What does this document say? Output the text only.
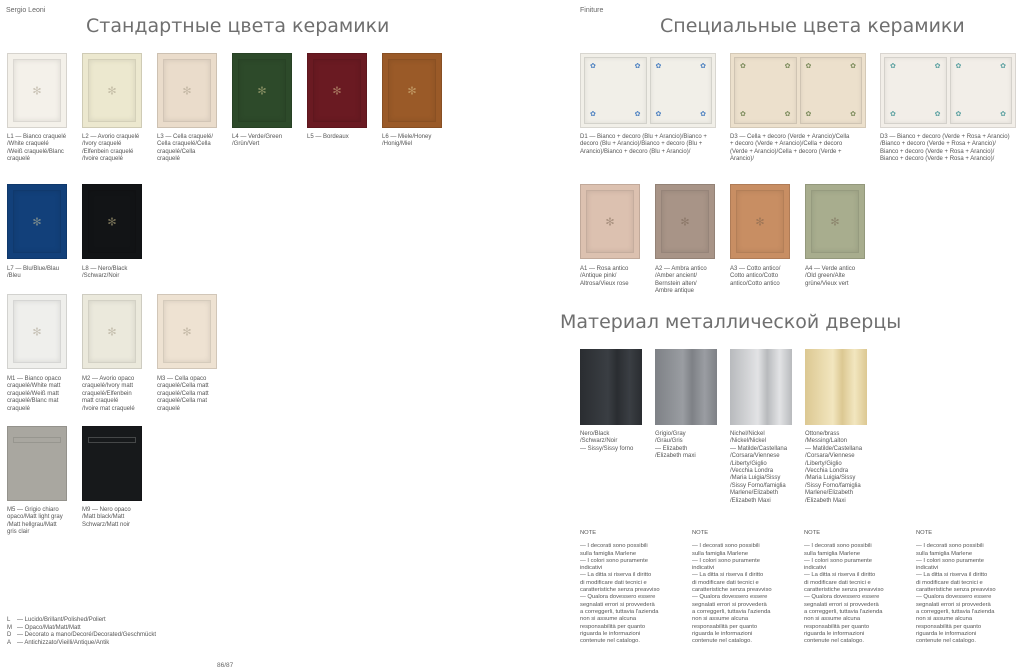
Sergio Leoni
Стандартные цвета керамики
✻	✻	✻	✻	✻	✻
L1 — Bianco craquelé
/White craquelé
/Weiß craquelé/Blanc
craquelé
L2 — Avorio craquelé
/Ivory craquelé
/Elfenbein craquelé
/Ivoire craquelé
L3 — Cella craquelé/
Cella craquelé/Cella
craquelé/Cella
craquelé
L4 — Verde/Green
/Grün/Vert
L5 — Bordeaux	L6 — Miele/Honey
/Honig/Miel
✻	✻
L7 — Blu/Blue/Blau
/Bleu
L8 — Nero/Black
/Schwarz/Noir
✻	✻	✻
M1 — Bianco opaco
craquelé/White matt
craquelé/Weiß matt
craquelé/Blanc mat
craquelé
M2 — Avorio opaco
craquelé/Ivory matt
craquelé/Elfenbein
matt craquelé
/Ivoire mat craquelé
M3 — Cella opaco
craquelé/Cella matt
craquelé/Cella matt
craquelé/Cella mat
craquelé
M5 — Grigio chiaro
opaco/Matt light gray
/Matt hellgrau/Matt
gris clair
M9 — Nero opaco
/Matt black/Matt
Schwarz/Matt noir
L — Lucido/Brillant/Polished/Poliert
M — Opaco/Mat/Matt/Matt
D — Decorato a mano/Decoré/Decorated/Geschmückt
A — Antichizzato/Vieilli/Antique/Antik
86/87
Finiture
Специальные цвета керамики
✿	✿
✿	✿
✿	✿
✿	✿
✿	✿
✿	✿
✿	✿
✿	✿
✿	✿
✿	✿
✿	✿
✿	✿
D1 — Bianco + decoro (Blu + Arancio)/Bianco +
decoro (Blu + Arancio)/Bianco + decoro (Blu +
Arancio)/Bianco + decoro (Blu + Arancio)/
D3 — Cella + decoro (Verde + Arancio)/Cella
+ decoro (Verde + Arancio)/Cella + decoro
(Verde + Arancio)/Cella + decoro (Verde +
Arancio)/
D3 — Bianco + decoro (Verde + Rosa + Arancio)
/Bianco + decoro (Verde + Rosa + Arancio)/
Bianco + decoro (Verde + Rosa + Arancio)/
Bianco + decoro (Verde + Rosa + Arancio)/
✻	✻	✻	✻
A1 — Rosa antico
/Antique pink/
Altrosa/Vieux rose
A2 — Ambra antico
/Amber ancient/
Bernstein alten/
Ambre antique
A3 — Cotto antico/
Cotto antico/Cotto
antico/Cotto antico
A4 — Verde antico
/Old green/Alte
grüne/Vieux vert
Материал металлической дверцы
Nero/Black
/Schwarz/Noir
— Sissy/Sissy forno
Grigio/Gray
/Grau/Gris
— Elizabeth
/Elizabeth maxi
Nichel/Nickel
/Nickel/Nickel
— Matilde/Castellana
/Corsara/Viennese
/Liberty/Giglio
/Vecchia Londra
/Maria Luigia/Sissy
/Sissy Forno/famiglia
Marlene/Elizabeth
/Elizabeth Maxi
Ottone/brass
/Messing/Laiton
— Matilde/Castellana
/Corsara/Viennese
/Liberty/Giglio
/Vecchia Londra
/Maria Luigia/Sissy
/Sissy Forno/famiglia
Marlene/Elizabeth
/Elizabeth Maxi
NOTE
— I decorati sono possibili
sulla famiglia Marlene
— I colori sono puramente
indicativi
— La ditta si riserva il diritto
di modificare dati tecnici e
caratteristiche senza preavviso
— Qualora dovessero essere
segnalati errori si provvederà
a correggerli, tuttavia l'azienda
non si assume alcuna
responsabilità per quanto
riguarda le informazioni
contenute nel catalogo.
NOTE
— I decorati sono possibili
sulla famiglia Marlene
— I colori sono puramente
indicativi
— La ditta si riserva il diritto
di modificare dati tecnici e
caratteristiche senza preavviso
— Qualora dovessero essere
segnalati errori si provvederà
a correggerli, tuttavia l'azienda
non si assume alcuna
responsabilità per quanto
riguarda le informazioni
contenute nel catalogo.
NOTE
— I decorati sono possibili
sulla famiglia Marlene
— I colori sono puramente
indicativi
— La ditta si riserva il diritto
di modificare dati tecnici e
caratteristiche senza preavviso
— Qualora dovessero essere
segnalati errori si provvederà
a correggerli, tuttavia l'azienda
non si assume alcuna
responsabilità per quanto
riguarda le informazioni
contenute nel catalogo.
NOTE
— I decorati sono possibili
sulla famiglia Marlene
— I colori sono puramente
indicativi
— La ditta si riserva il diritto
di modificare dati tecnici e
caratteristiche senza preavviso
— Qualora dovessero essere
segnalati errori si provvederà
a correggerli, tuttavia l'azienda
non si assume alcuna
responsabilità per quanto
riguarda le informazioni
contenute nel catalogo.
